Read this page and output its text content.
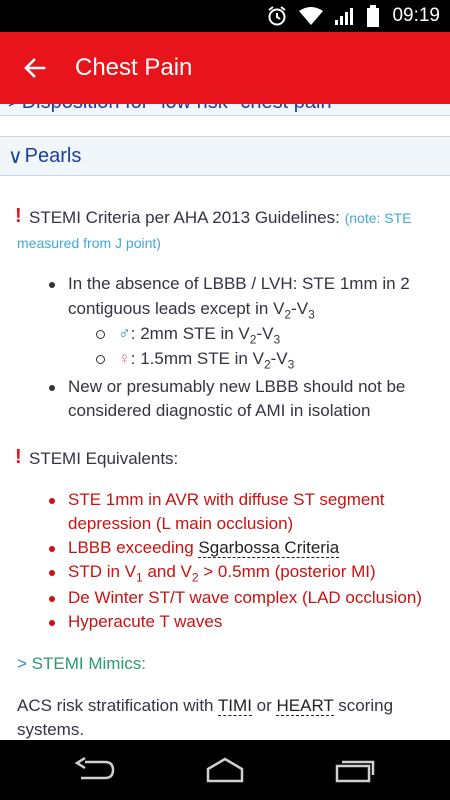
09:19
Chest Pain
∨ Pearls
! STEMI Criteria per AHA 2013 Guidelines: (note: STE
measured from J point)
In the absence of LBBB / LVH: STE 1mm in 2
contiguous leads except in $V_2-V_3$
♂: 2mm STE in $V_2-V_3$
♀: 1.5mm STE in $V_2-V_3$
New or presumably new LBBB should not be
considered diagnostic of AMI in isolation
! STEMI Equivalents:
STE 1mm in AVR with diffuse ST segment
depression (L main occlusion)
LBBB exceeding Sgarbossa Criteria
STD in $V_1$ and $V_2 > 0.5mm$ (posterior MI)
De Winter ST/T wave complex (LAD occlusion)
Hyperacute T waves
> STEMI Mimics:
ACS risk stratification with TIMI or HEART scoring
systems.
